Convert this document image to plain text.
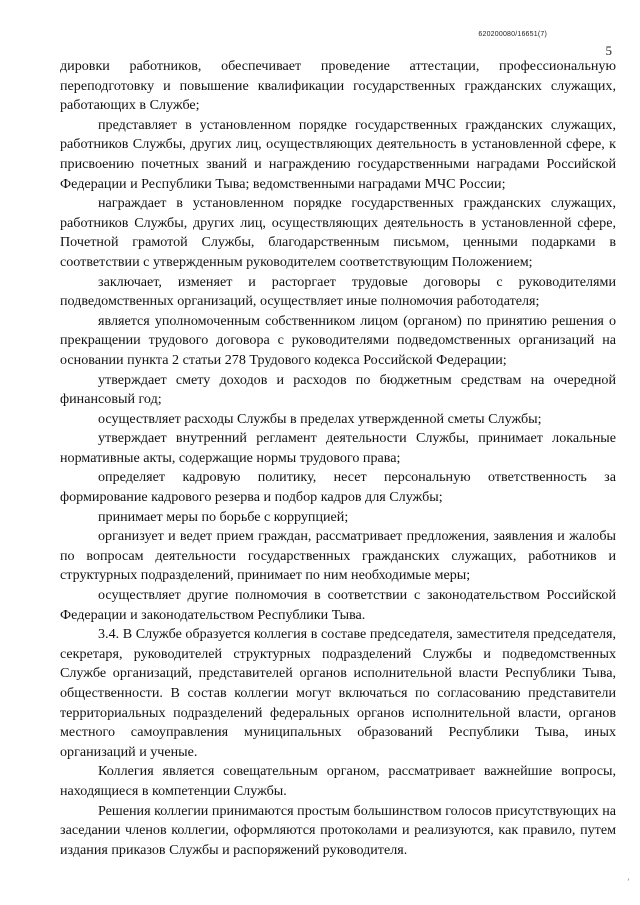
620200080/16651(7)
5

дировки работников, обеспечивает проведение аттестации, профессиональную переподготовку и повышение квалификации государственных гражданских служащих, работающих в Службе;

представляет в установленном порядке государственных гражданских служащих, работников Службы, других лиц, осуществляющих деятельность в установленной сфере, к присвоению почетных званий и награждению государственными наградами Российской Федерации и Республики Тыва; ведомственными наградами МЧС России;

награждает в установленном порядке государственных гражданских служащих, работников Службы, других лиц, осуществляющих деятельность в установленной сфере, Почетной грамотой Службы, благодарственным письмом, ценными подарками в соответствии с утвержденным руководителем соответствующим Положением;

заключает, изменяет и расторгает трудовые договоры с руководителями подведомственных организаций, осуществляет иные полномочия работодателя;

является уполномоченным собственником лицом (органом) по принятию решения о прекращении трудового договора с руководителями подведомственных организаций на основании пункта 2 статьи 278 Трудового кодекса Российской Федерации;

утверждает смету доходов и расходов по бюджетным средствам на очередной финансовый год;

осуществляет расходы Службы в пределах утвержденной сметы Службы;

утверждает внутренний регламент деятельности Службы, принимает локальные нормативные акты, содержащие нормы трудового права;

определяет кадровую политику, несет персональную ответственность за формирование кадрового резерва и подбор кадров для Службы;

принимает меры по борьбе с коррупцией;

организует и ведет прием граждан, рассматривает предложения, заявления и жалобы по вопросам деятельности государственных гражданских служащих, работников и структурных подразделений, принимает по ним необходимые меры;

осуществляет другие полномочия в соответствии с законодательством Российской Федерации и законодательством Республики Тыва.

3.4. В Службе образуется коллегия в составе председателя, заместителя председателя, секретаря, руководителей структурных подразделений Службы и подведомственных Службе организаций, представителей органов исполнительной власти Республики Тыва, общественности. В состав коллегии могут включаться по согласованию представители территориальных подразделений федеральных органов исполнительной власти, органов местного самоуправления муниципальных образований Республики Тыва, иных организаций и ученые.

Коллегия является совещательным органом, рассматривает важнейшие вопросы, находящиеся в компетенции Службы.

Решения коллегии принимаются простым большинством голосов присутствующих на заседании членов коллегии, оформляются протоколами и реализуются, как правило, путем издания приказов Службы и распоряжений руководителя.

’
